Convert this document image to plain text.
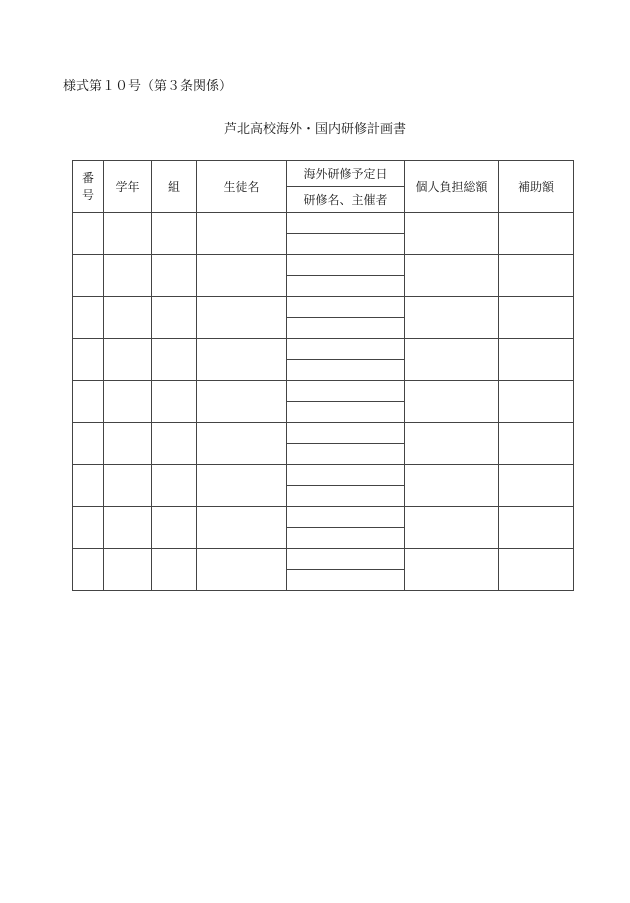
様式第１０号（第３条関係）
芦北高校海外・国内研修計画書
番号	学年	組	生徒名	海外研修予定日	個人負担総額	補助額
				研修名、主催者		
